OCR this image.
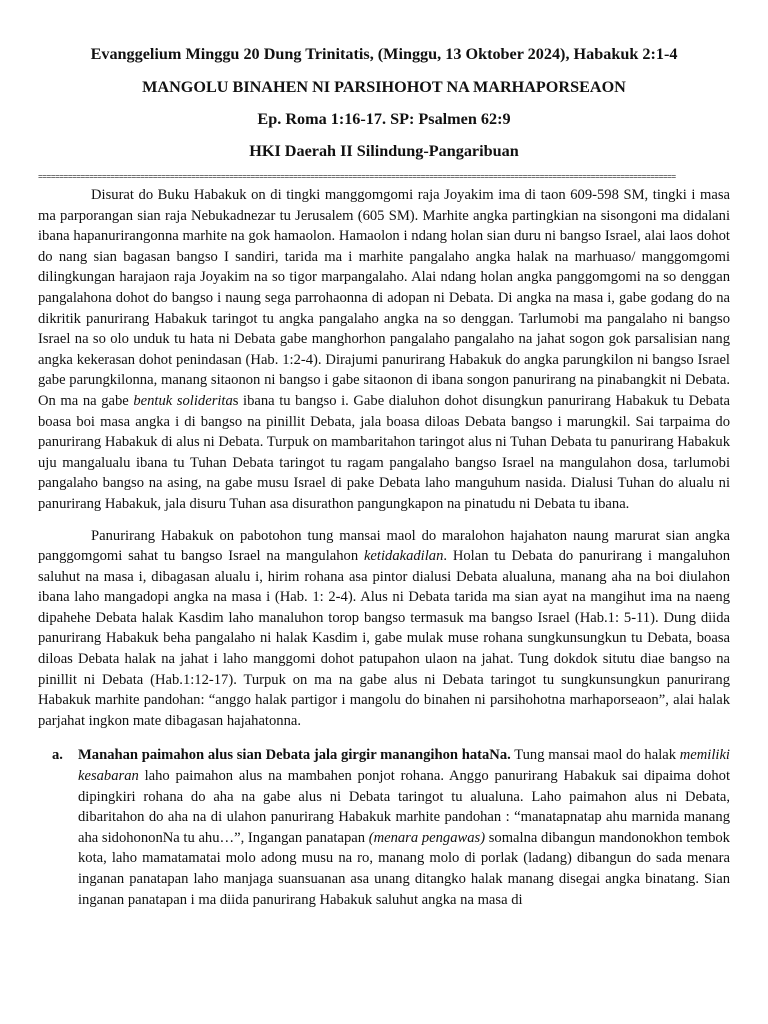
Evanggelium Minggu 20 Dung Trinitatis, (Minggu, 13 Oktober 2024), Habakuk 2:1-4
MANGOLU BINAHEN NI PARSIHOHOT NA MARHAPORSEAON
Ep. Roma 1:16-17. SP: Psalmen 62:9
HKI Daerah II Silindung-Pangaribuan
======================================================================================================================================================

Disurat do Buku Habakuk on di tingki manggomgomi raja Joyakim ima di taon 609-598 SM, tingki i masa ma parporangan sian raja Nebukadnezar tu Jerusalem (605 SM). Marhite angka partingkian na sisongoni ma didalani ibana hapanurirangonna marhite na gok hamaolon. Hamaolon i ndang holan sian duru ni bangso Israel, alai laos dohot do nang sian bagasan bangso I sandiri, tarida ma i marhite pangalaho angka halak na marhuaso/ manggomgomi dilingkungan harajaon raja Joyakim na so tigor marpangalaho. Alai ndang holan angka panggomgomi na so denggan pangalahona dohot do bangso i naung sega parrohaonna di adopan ni Debata. Di angka na masa i, gabe godang do na dikritik panurirang Habakuk taringot tu angka pangalaho angka na so denggan. Tarlumobi ma pangalaho ni bangso Israel na so olo unduk tu hata ni Debata gabe manghorhon pangalaho pangalaho na jahat sogon gok parsalisian nang angka kekerasan dohot penindasan (Hab. 1:2-4). Dirajumi panurirang Habakuk do angka parungkilon ni bangso Israel gabe parungkilonna, manang sitaonon ni bangso i gabe sitaonon di ibana songon panurirang na pinabangkit ni Debata. On ma na gabe bentuk solideritas ibana tu bangso i. Gabe dialuhon dohot disungkun panurirang Habakuk tu Debata boasa boi masa angka i di bangso na pinillit Debata, jala boasa diloas Debata bangso i marungkil. Sai tarpaima do panurirang Habakuk di alus ni Debata. Turpuk on mambaritahon taringot alus ni Tuhan Debata tu panurirang Habakuk uju mangalualu ibana tu Tuhan Debata taringot tu ragam pangalaho bangso Israel na mangulahon dosa, tarlumobi pangalaho bangso na asing, na gabe musu Israel di pake Debata laho manguhum nasida. Dialusi Tuhan do alualu ni panurirang Habakuk, jala disuru Tuhan asa disurathon pangungkapon na pinatudu ni Debata tu ibana.

Panurirang Habakuk on pabotohon tung mansai maol do maralohon hajahaton naung marurat sian angka panggomgomi sahat tu bangso Israel na mangulahon ketidakadilan. Holan tu Debata do panurirang i mangaluhon saluhut na masa i, dibagasan alualu i, hirim rohana asa pintor dialusi Debata alualuna, manang aha na boi diulahon ibana laho mangadopi angka na masa i (Hab. 1: 2-4). Alus ni Debata tarida ma sian ayat na mangihut ima na naeng dipahehe Debata halak Kasdim laho manaluhon torop bangso termasuk ma bangso Israel (Hab.1: 5-11). Dung diida panurirang Habakuk beha pangalaho ni halak Kasdim i, gabe mulak muse rohana sungkunsungkun tu Debata, boasa diloas Debata halak na jahat i laho manggomi dohot patupahon ulaon na jahat. Tung dokdok situtu diae bangso na pinillit ni Debata (Hab.1:12-17). Turpuk on ma na gabe alus ni Debata taringot tu sungkunsungkun panurirang Habakuk marhite pandohan: “anggo halak partigor i mangolu do binahen ni parsihohotna marhaporseaon”, alai halak parjahat ingkon mate dibagasan hajahatonna.

a. Manahan paimahon alus sian Debata jala girgir manangihon hataNa. Tung mansai maol do halak memiliki kesabaran laho paimahon alus na mambahen ponjot rohana. Anggo panurirang Habakuk sai dipaima dohot dipingkiri rohana do aha na gabe alus ni Debata taringot tu alualuna. Laho paimahon alus ni Debata, dibaritahon do aha na di ulahon panurirang Habakuk marhite pandohan : “manatapnatap ahu marnida manang aha sidohononNa tu ahu…”, Ingangan panatapan (menara pengawas) somalna dibangun mandonokhon tembok kota, laho mamatamatai molo adong musu na ro, manang molo di porlak (ladang) dibangun do sada menara inganan panatapan laho manjaga suansuanan asa unang ditangko halak manang disegai angka binatang. Sian inganan panatapan i ma diida panurirang Habakuk saluhut angka na masa di
